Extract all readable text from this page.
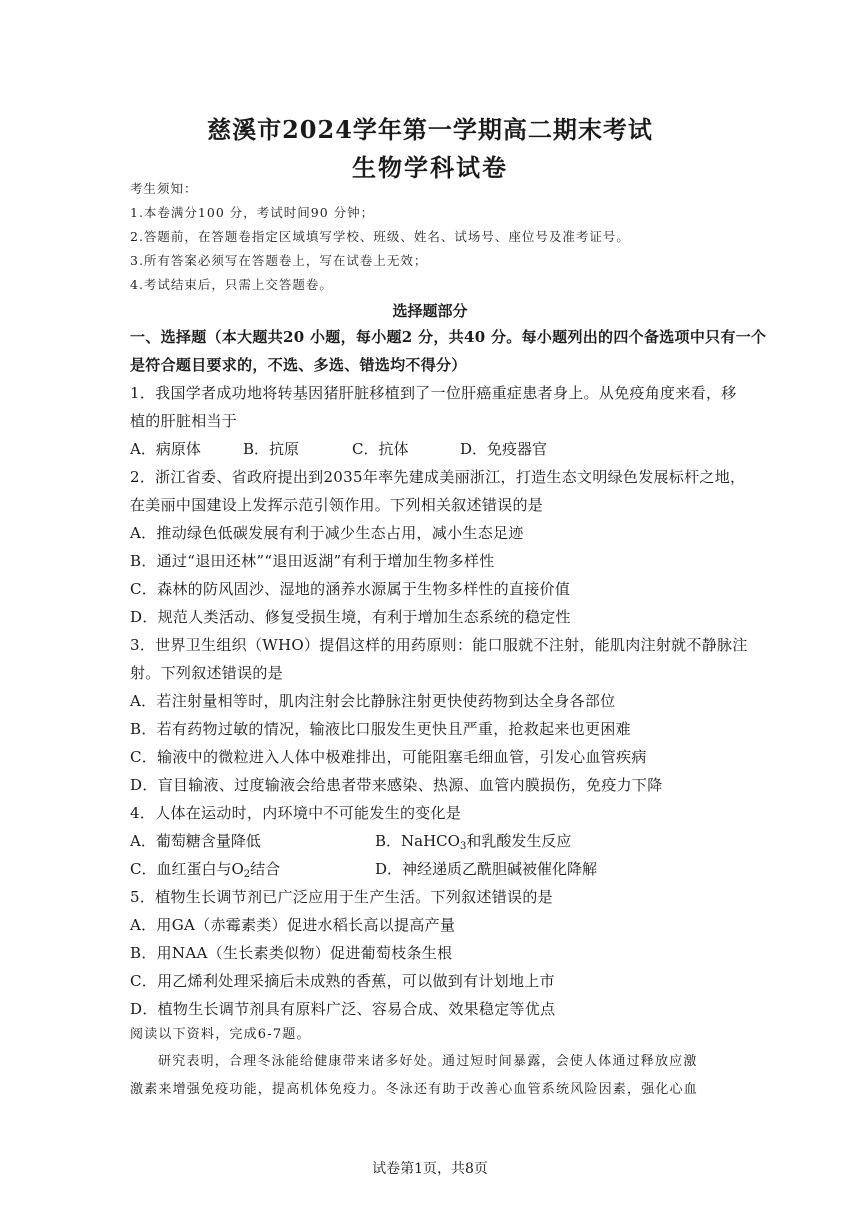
慈溪市2024学年第一学期高二期末考试
生物学科试卷
考生须知：
1.本卷满分100 分，考试时间90 分钟；
2.答题前，在答题卷指定区域填写学校、班级、姓名、试场号、座位号及准考证号。
3.所有答案必须写在答题卷上，写在试卷上无效；
4.考试结束后，只需上交答题卷。
选择题部分
一、选择题（本大题共20 小题，每小题2 分，共40 分。每小题列出的四个备选项中只有一个
是符合题目要求的，不选、多选、错选均不得分）
1．我国学者成功地将转基因猪肝脏移植到了一位肝癌重症患者身上。从免疫角度来看，移
植的肝脏相当于
A．病原体	B．抗原	C．抗体	D．免疫器官
2．浙江省委、省政府提出到2035年率先建成美丽浙江，打造生态文明绿色发展标杆之地，
在美丽中国建设上发挥示范引领作用。下列相关叙述错误的是
A．推动绿色低碳发展有利于减少生态占用，减小生态足迹
B．通过“退田还林”“退田返湖”有利于增加生物多样性
C．森林的防风固沙、湿地的涵养水源属于生物多样性的直接价值
D．规范人类活动、修复受损生境，有利于增加生态系统的稳定性
3．世界卫生组织（WHO）提倡这样的用药原则：能口服就不注射，能肌肉注射就不静脉注
射。下列叙述错误的是
A．若注射量相等时，肌肉注射会比静脉注射更快使药物到达全身各部位
B．若有药物过敏的情况，输液比口服发生更快且严重，抢救起来也更困难
C．输液中的微粒进入人体中极难排出，可能阻塞毛细血管，引发心血管疾病
D．盲目输液、过度输液会给患者带来感染、热源、血管内膜损伤，免疫力下降
4．人体在运动时，内环境中不可能发生的变化是
A．葡萄糖含量降低	B．NaHCO$_3$和乳酸发生反应
C．血红蛋白与$O_2$结合	D．神经递质乙酰胆碱被催化降解
5．植物生长调节剂已广泛应用于生产生活。下列叙述错误的是
A．用GA（赤霉素类）促进水稻长高以提高产量
B．用NAA（生长素类似物）促进葡萄枝条生根
C．用乙烯利处理采摘后未成熟的香蕉，可以做到有计划地上市
D．植物生长调节剂具有原料广泛、容易合成、效果稳定等优点
阅读以下资料，完成6-7题。
研究表明，合理冬泳能给健康带来诸多好处。通过短时间暴露，会使人体通过释放应激
激素来增强免疫功能，提高机体免疫力。冬泳还有助于改善心血管系统风险因素，强化心血
试卷第1页，共8页
